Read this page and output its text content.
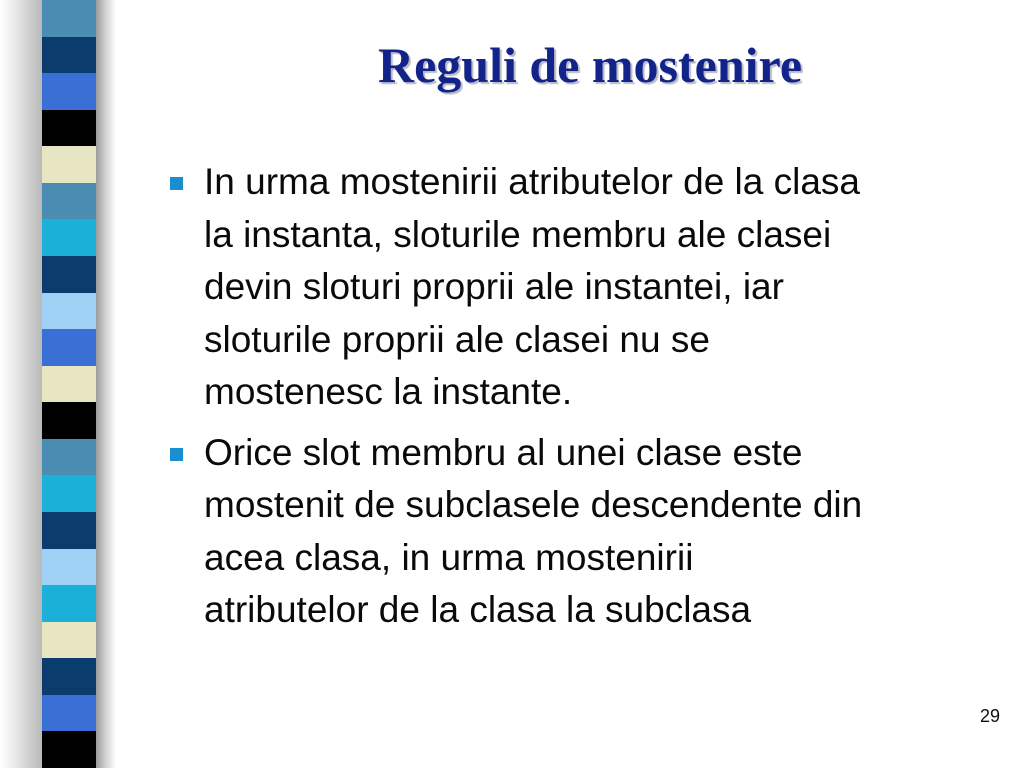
Reguli de mostenire
In urma mostenirii atributelor de la clasa
la instanta, sloturile membru ale clasei
devin sloturi proprii ale instantei, iar
sloturile proprii ale clasei nu se
mostenesc la instante.
Orice slot membru al unei clase este
mostenit de subclasele descendente din
acea clasa, in urma mostenirii
atributelor de la clasa la subclasa
29
